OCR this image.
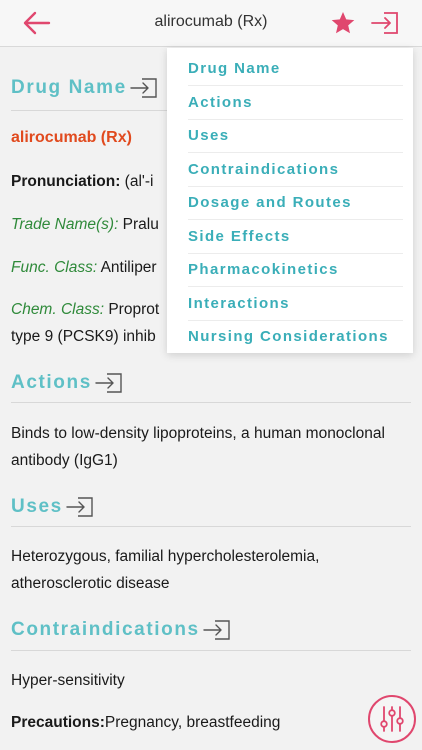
alirocumab (Rx)
Drug Name
alirocumab (Rx)
Pronunciation: (al'-i
Trade Name(s): Pralu
Func. Class: Antiliper
Chem. Class: Proprot
type 9 (PCSK9) inhib
Actions
Binds to low-density lipoproteins, a human monoclonal antibody (IgG1)
Uses
Heterozygous, familial hypercholesterolemia, atherosclerotic disease
Contraindications
Hyper-sensitivity
Precautions:Pregnancy, breastfeeding
Drug Name
Actions
Uses
Contraindications
Dosage and Routes
Side Effects
Pharmacokinetics
Interactions
Nursing Considerations
